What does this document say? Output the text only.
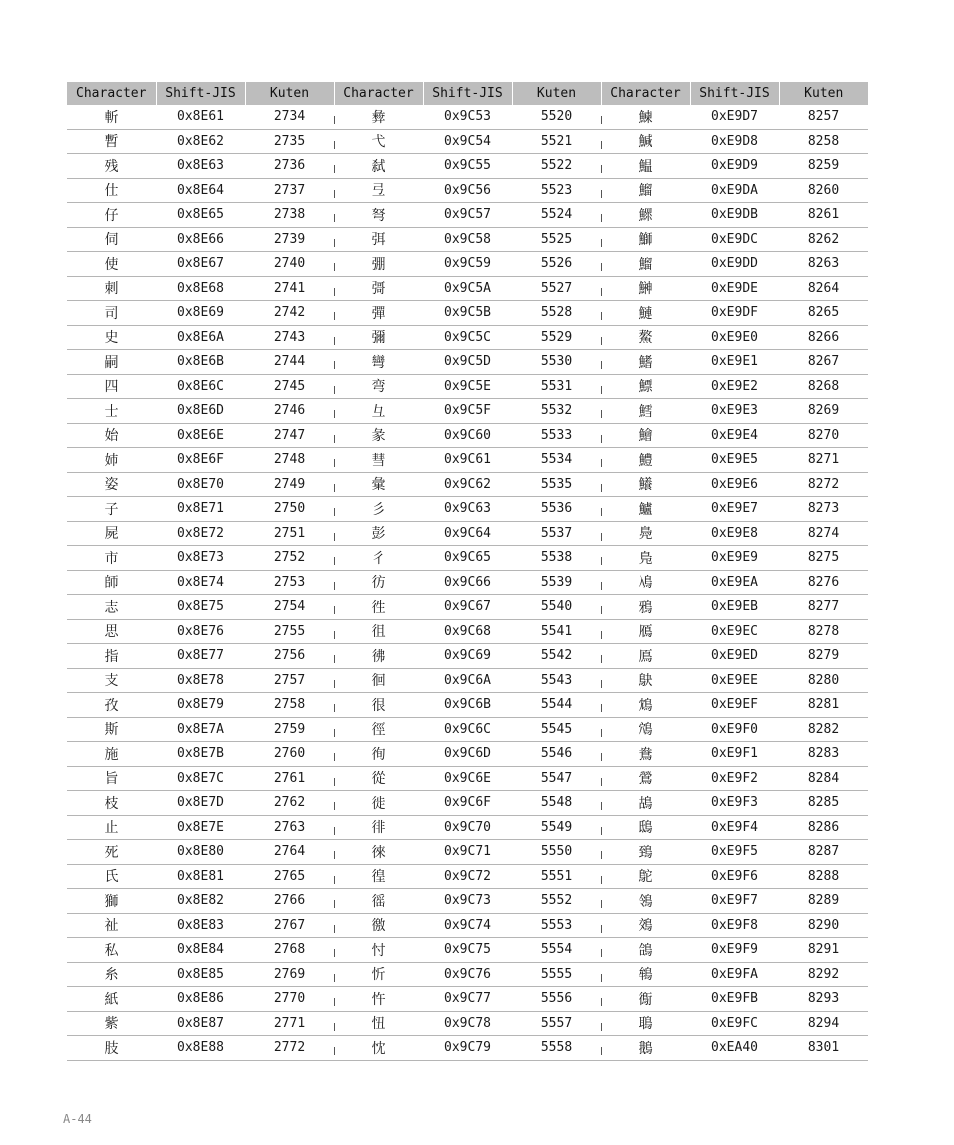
Character	Shift-JIS	Kuten	Character	Shift-JIS	Kuten	Character	Shift-JIS	Kuten
斬	0x8E61	2734	彜	0x9C53	5520	鰊	0xE9D7	8257
暫	0x8E62	2735	弋	0x9C54	5521	鰔	0xE9D8	8258
残	0x8E63	2736	弑	0x9C55	5522	鰛	0xE9D9	8259
仕	0x8E64	2737	弖	0x9C56	5523	鰡	0xE9DA	8260
仔	0x8E65	2738	弩	0x9C57	5524	鰥	0xE9DB	8261
伺	0x8E66	2739	弭	0x9C58	5525	鰤	0xE9DC	8262
使	0x8E67	2740	弸	0x9C59	5526	鰡	0xE9DD	8263
刺	0x8E68	2741	彁	0x9C5A	5527	鰰	0xE9DE	8264
司	0x8E69	2742	彈	0x9C5B	5528	鰱	0xE9DF	8265
史	0x8E6A	2743	彌	0x9C5C	5529	鰲	0xE9E0	8266
嗣	0x8E6B	2744	彎	0x9C5D	5530	鰭	0xE9E1	8267
四	0x8E6C	2745	弯	0x9C5E	5531	鰾	0xE9E2	8268
士	0x8E6D	2746	彑	0x9C5F	5532	鱈	0xE9E3	8269
始	0x8E6E	2747	彖	0x9C60	5533	鱠	0xE9E4	8270
姉	0x8E6F	2748	彗	0x9C61	5534	鱧	0xE9E5	8271
姿	0x8E70	2749	彙	0x9C62	5535	鱶	0xE9E6	8272
子	0x8E71	2750	彡	0x9C63	5536	鱸	0xE9E7	8273
屍	0x8E72	2751	彭	0x9C64	5537	鳧	0xE9E8	8274
市	0x8E73	2752	彳	0x9C65	5538	鳬	0xE9E9	8275
師	0x8E74	2753	彷	0x9C66	5539	鳰	0xE9EA	8276
志	0x8E75	2754	徃	0x9C67	5540	鴉	0xE9EB	8277
思	0x8E76	2755	徂	0x9C68	5541	鴈	0xE9EC	8278
指	0x8E77	2756	彿	0x9C69	5542	鳫	0xE9ED	8279
支	0x8E78	2757	徊	0x9C6A	5543	鴃	0xE9EE	8280
孜	0x8E79	2758	很	0x9C6B	5544	鴆	0xE9EF	8281
斯	0x8E7A	2759	徑	0x9C6C	5545	鴪	0xE9F0	8282
施	0x8E7B	2760	徇	0x9C6D	5546	鴦	0xE9F1	8283
旨	0x8E7C	2761	從	0x9C6E	5547	鶯	0xE9F2	8284
枝	0x8E7D	2762	徙	0x9C6F	5548	鴣	0xE9F3	8285
止	0x8E7E	2763	徘	0x9C70	5549	鴟	0xE9F4	8286
死	0x8E80	2764	徠	0x9C71	5550	鵄	0xE9F5	8287
氏	0x8E81	2765	徨	0x9C72	5551	鴕	0xE9F6	8288
獅	0x8E82	2766	徭	0x9C73	5552	鴒	0xE9F7	8289
祉	0x8E83	2767	徼	0x9C74	5553	鵁	0xE9F8	8290
私	0x8E84	2768	忖	0x9C75	5554	鴿	0xE9F9	8291
糸	0x8E85	2769	忻	0x9C76	5555	鴾	0xE9FA	8292
紙	0x8E86	2770	忤	0x9C77	5556	鵆	0xE9FB	8293
紫	0x8E87	2771	忸	0x9C78	5557	鵈	0xE9FC	8294
肢	0x8E88	2772	忱	0x9C79	5558	鵝	0xEA40	8301
A-44
